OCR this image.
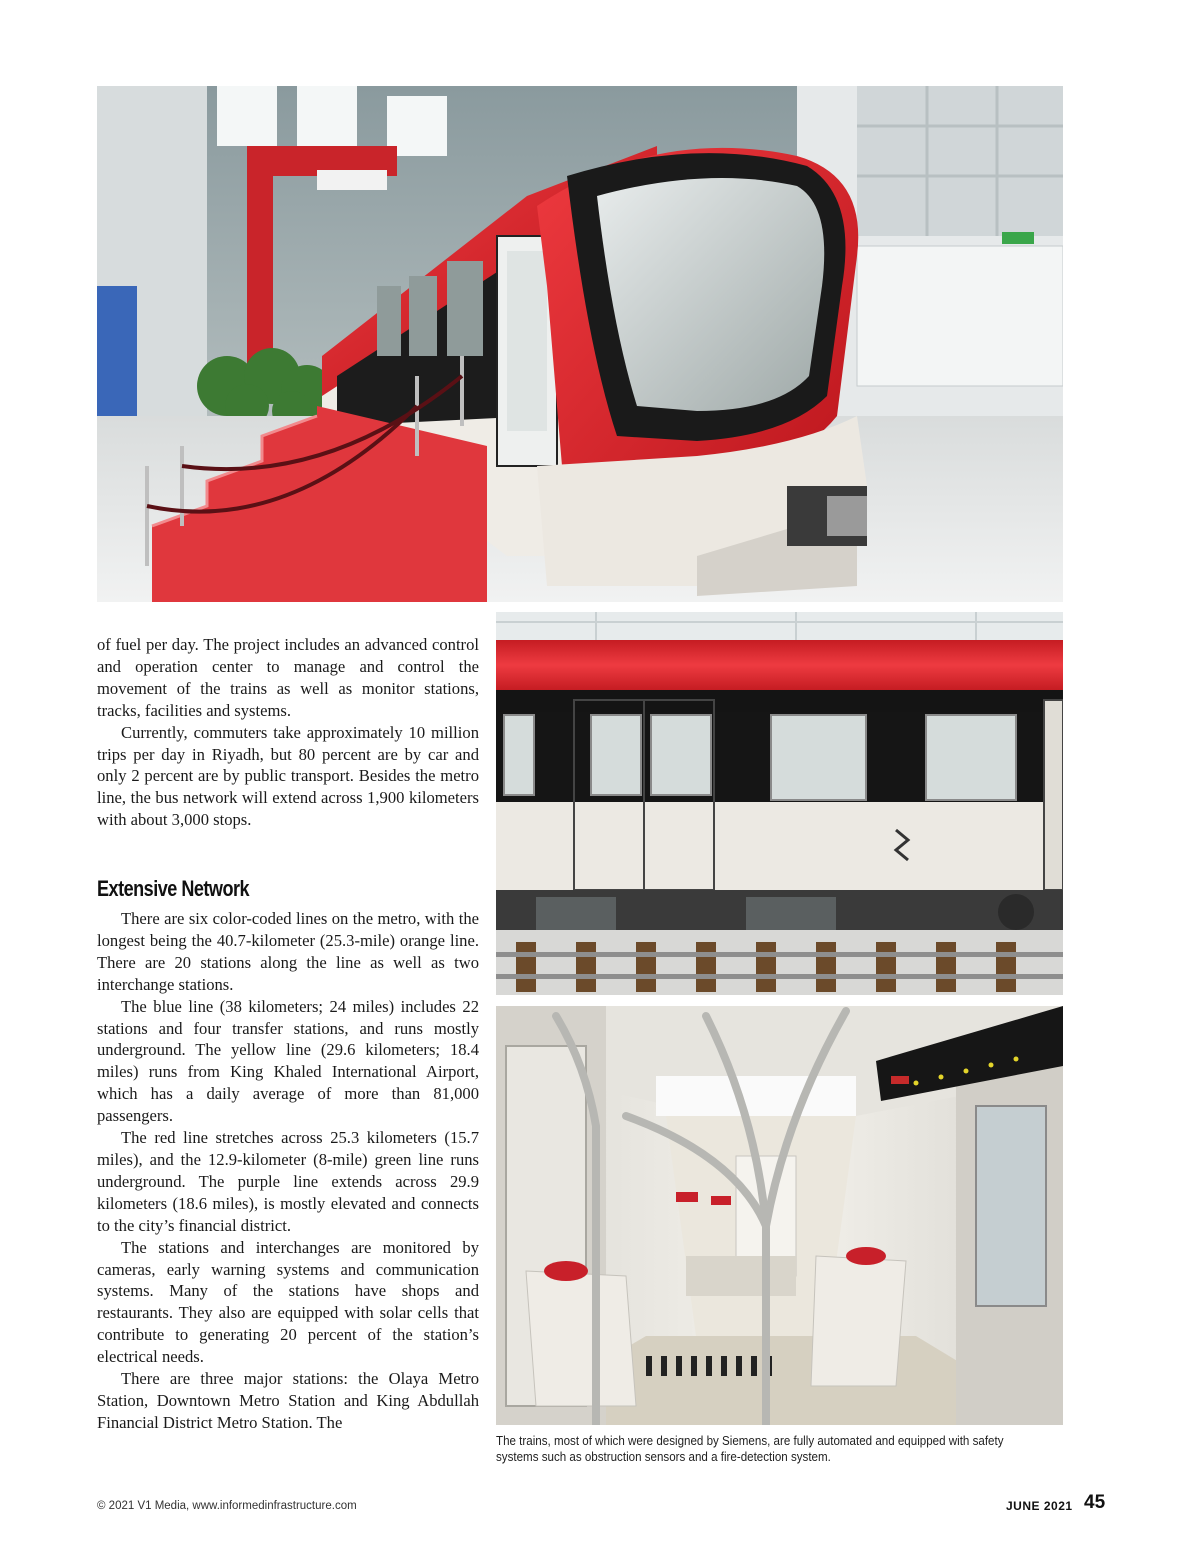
of fuel per day. The project includes an advanced control and operation center to manage and control the movement of the trains as well as monitor stations, tracks, facilities and systems.

Currently, commuters take approximately 10 million trips per day in Riyadh, but 80 percent are by car and only 2 percent are by public transport. Besides the metro line, the bus network will extend across 1,900 kilometers with about 3,000 stops.

Extensive Network

There are six color-coded lines on the metro, with the longest being the 40.7-kilometer (25.3-mile) orange line. There are 20 stations along the line as well as two interchange stations.

The blue line (38 kilometers; 24 miles) includes 22 stations and four transfer stations, and runs mostly underground. The yellow line (29.6 kilometers; 18.4 miles) runs from King Khaled International Airport, which has a daily average of more than 81,000 passengers.

The red line stretches across 25.3 kilometers (15.7 miles), and the 12.9-kilometer (8-mile) green line runs underground. The purple line extends across 29.9 kilometers (18.6 miles), is mostly elevated and connects to the city’s financial district.

The stations and interchanges are monitored by cameras, early warning systems and communication systems. Many of the stations have shops and restaurants. They also are equipped with solar cells that contribute to generating 20 percent of the station’s electrical needs.

There are three major stations: the Olaya Metro Station, Downtown Metro Station and King Abdullah Financial District Metro Station. The

The trains, most of which were designed by Siemens, are fully automated and equipped with safety systems such as obstruction sensors and a fire-detection system.
© 2021 V1 Media, www.informedinfrastructure.com	JUNE 2021 45
